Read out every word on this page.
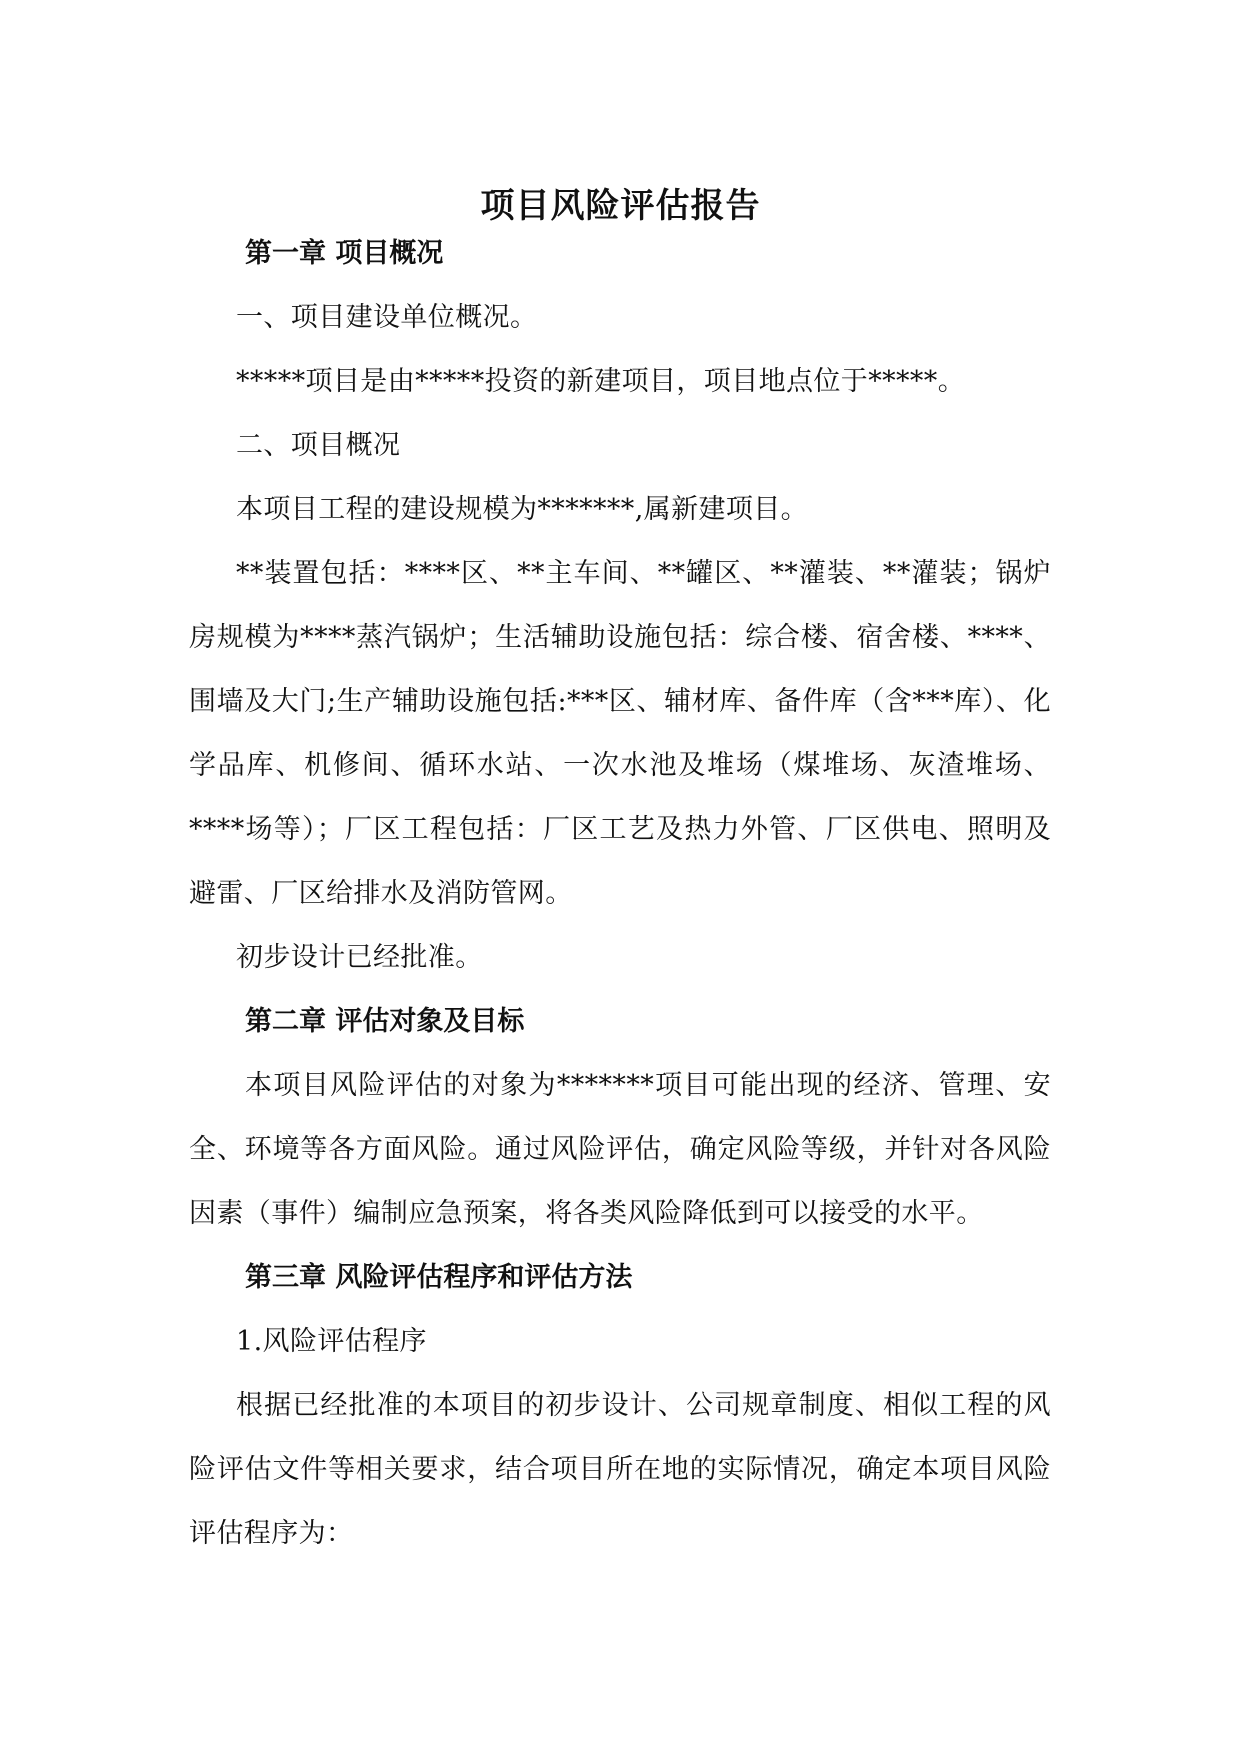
项目风险评估报告
第一章 项目概况

一、项目建设单位概况。

*****项目是由*****投资的新建项目，项目地点位于*****。

二、项目概况

本项目工程的建设规模为*******,属新建项目。

**装置包括：****区、**主车间、**罐区、**灌装、**灌装；锅炉房规模为****蒸汽锅炉；生活辅助设施包括：综合楼、宿舍楼、****、围墙及大门;生产辅助设施包括:***区、辅材库、备件库（含***库）、化学品库、机修间、循环水站、一次水池及堆场（煤堆场、灰渣堆场、****场等）；厂区工程包括：厂区工艺及热力外管、厂区供电、照明及避雷、厂区给排水及消防管网。

初步设计已经批准。

第二章 评估对象及目标

本项目风险评估的对象为*******项目可能出现的经济、管理、安全、环境等各方面风险。通过风险评估，确定风险等级，并针对各风险因素（事件）编制应急预案，将各类风险降低到可以接受的水平。

第三章 风险评估程序和评估方法

1.风险评估程序

根据已经批准的本项目的初步设计、公司规章制度、相似工程的风险评估文件等相关要求，结合项目所在地的实际情况，确定本项目风险评估程序为：
